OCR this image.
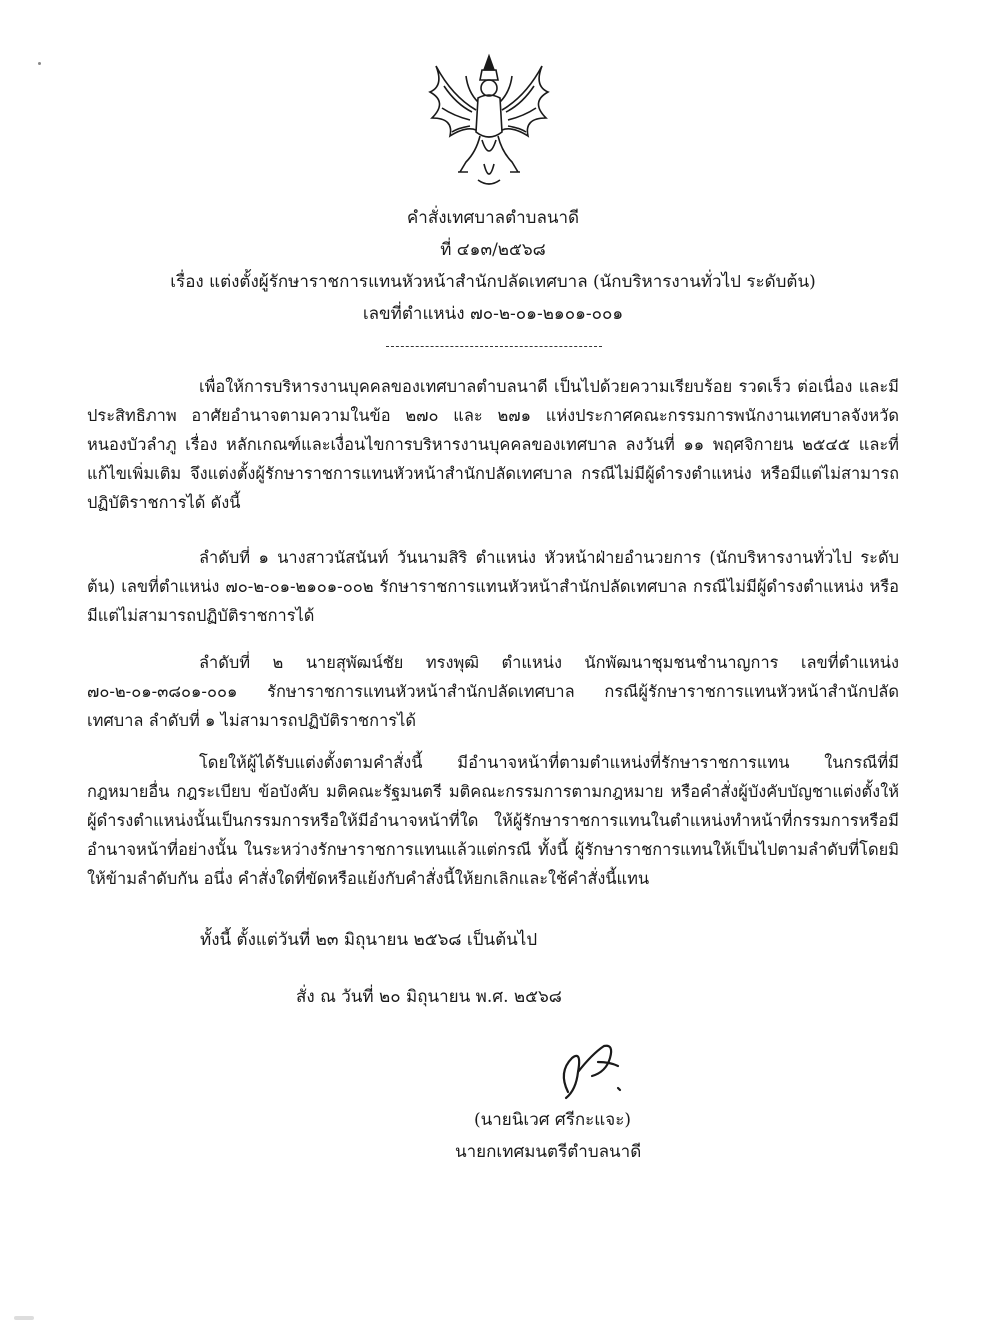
คำสั่งเทศบาลตำบลนาดี
ที่ ๔๑๓/๒๕๖๘
เรื่อง แต่งตั้งผู้รักษาราชการแทนหัวหน้าสำนักปลัดเทศบาล (นักบริหารงานทั่วไป ระดับต้น)
เลขที่ตำแหน่ง ๗๐-๒-๐๑-๒๑๐๑-๐๐๑
เพื่อให้การบริหารงานบุคคลของเทศบาลตำบลนาดี เป็นไปด้วยความเรียบร้อย รวดเร็ว ต่อเนื่อง และมีประสิทธิภาพ อาศัยอำนาจตามความในข้อ ๒๗๐ และ ๒๗๑ แห่งประกาศคณะกรรมการพนักงานเทศบาลจังหวัดหนองบัวลำภู เรื่อง หลักเกณฑ์และเงื่อนไขการบริหารงานบุคคลของเทศบาล ลงวันที่ ๑๑ พฤศจิกายน ๒๕๔๕ และที่แก้ไขเพิ่มเติม จึงแต่งตั้งผู้รักษาราชการแทนหัวหน้าสำนักปลัดเทศบาล กรณีไม่มีผู้ดำรงตำแหน่ง หรือมีแต่ไม่สามารถปฏิบัติราชการได้ ดังนี้
ลำดับที่ ๑ นางสาวนัสนันท์ วันนามสิริ ตำแหน่ง หัวหน้าฝ่ายอำนวยการ (นักบริหารงานทั่วไป ระดับต้น) เลขที่ตำแหน่ง ๗๐-๒-๐๑-๒๑๐๑-๐๐๒ รักษาราชการแทนหัวหน้าสำนักปลัดเทศบาล กรณีไม่มีผู้ดำรงตำแหน่ง หรือมีแต่ไม่สามารถปฏิบัติราชการได้
ลำดับที่ ๒ นายสุพัฒน์ชัย ทรงพุฒิ ตำแหน่ง นักพัฒนาชุมชนชำนาญการ เลขที่ตำแหน่ง ๗๐-๒-๐๑-๓๘๐๑-๐๐๑ รักษาราชการแทนหัวหน้าสำนักปลัดเทศบาล กรณีผู้รักษาราชการแทนหัวหน้าสำนักปลัดเทศบาล ลำดับที่ ๑ ไม่สามารถปฏิบัติราชการได้
โดยให้ผู้ได้รับแต่งตั้งตามคำสั่งนี้ มีอำนาจหน้าที่ตามตำแหน่งที่รักษาราชการแทน ในกรณีที่มีกฎหมายอื่น กฎระเบียบ ข้อบังคับ มติคณะรัฐมนตรี มติคณะกรรมการตามกฎหมาย หรือคำสั่งผู้บังคับบัญชาแต่งตั้งให้ผู้ดำรงตำแหน่งนั้นเป็นกรรมการหรือให้มีอำนาจหน้าที่ใด ให้ผู้รักษาราชการแทนในตำแหน่งทำหน้าที่กรรมการหรือมีอำนาจหน้าที่อย่างนั้น ในระหว่างรักษาราชการแทนแล้วแต่กรณี ทั้งนี้ ผู้รักษาราชการแทนให้เป็นไปตามลำดับที่โดยมิให้ข้ามลำดับกัน อนึ่ง คำสั่งใดที่ขัดหรือแย้งกับคำสั่งนี้ให้ยกเลิกและใช้คำสั่งนี้แทน
ทั้งนี้ ตั้งแต่วันที่ ๒๓ มิถุนายน ๒๕๖๘ เป็นต้นไป
สั่ง ณ วันที่ ๒๐ มิถุนายน พ.ศ. ๒๕๖๘
(นายนิเวศ ศรีกะแจะ)
นายกเทศมนตรีตำบลนาดี
